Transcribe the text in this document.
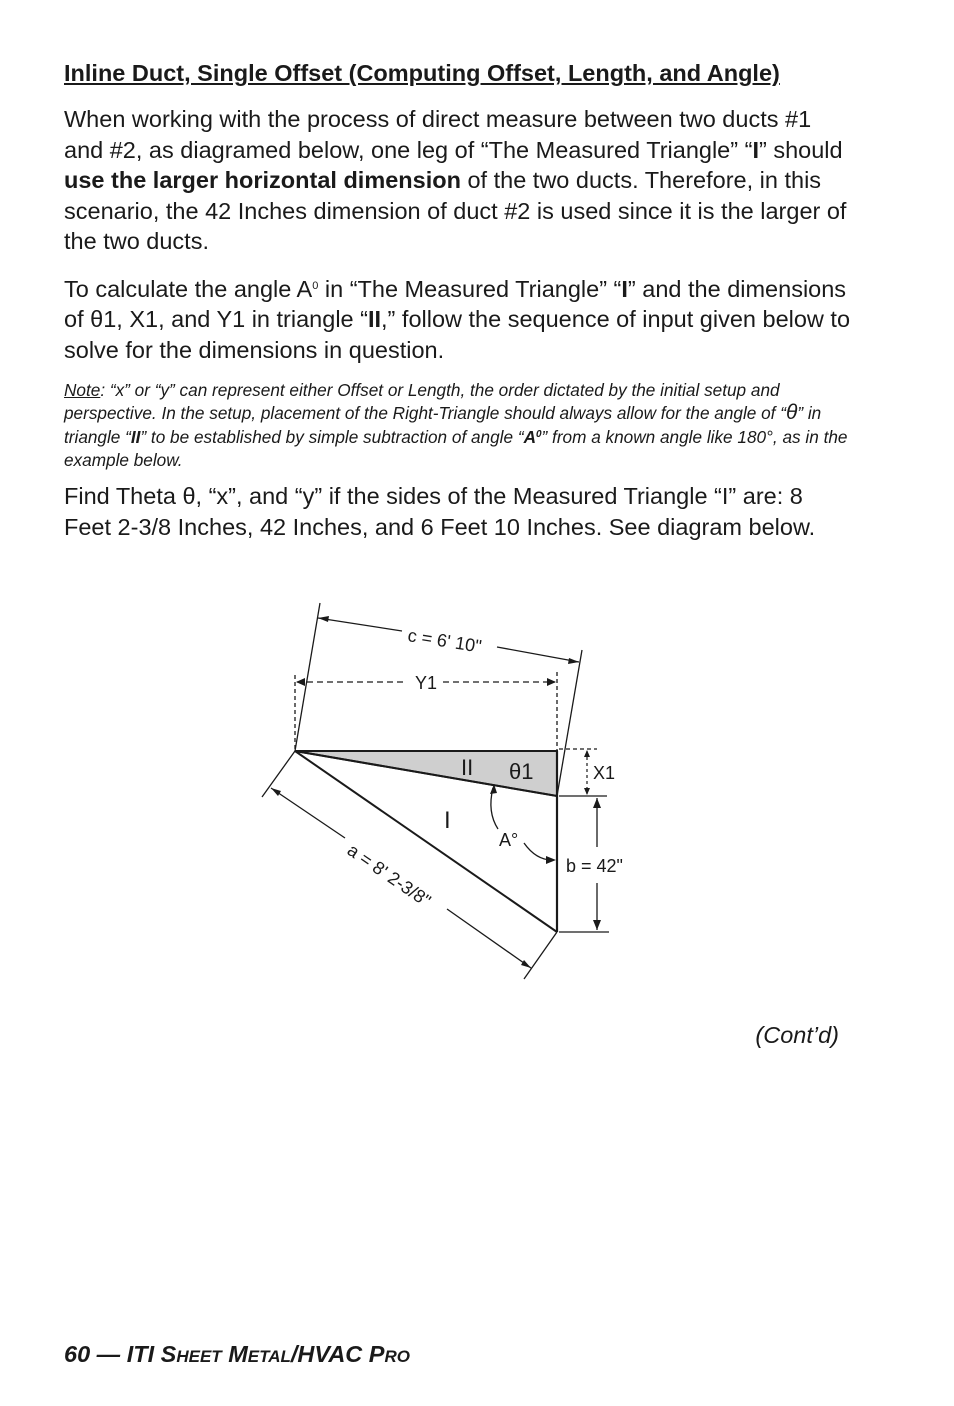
Inline Duct, Single Offset (Computing Offset, Length, and Angle)

When working with the process of direct measure between two ducts #1 and #2, as diagramed below, one leg of “The Measured Triangle” “I” should use the larger horizontal dimension of the two ducts. Therefore, in this scenario, the 42 Inches dimension of duct #2 is used since it is the larger of the two ducts.

To calculate the angle $A^0$ in “The Measured Triangle” “I” and the dimensions of θ1, X1, and Y1 in triangle “II,” follow the sequence of input given below to solve for the dimensions in question.

Note: “x” or “y” can represent either Offset or Length, the order dictated by the initial setup and perspective. In the setup, placement of the Right-Triangle should always allow for the angle of “θ” in triangle “II” to be established by simple subtraction of angle “$A^0$” from a known angle like 180°, as in the example below.

Find Theta θ, “x”, and “y” if the sides of the Measured Triangle “I” are: 8 Feet 2-3/8 Inches, 42 Inches, and 6 Feet 10 Inches. See diagram below.

c = 6' 10"
Y1
X1
b = 42"
a = 8' 2-3/8"
II θ1
I
A°
(Cont’d)
60 — ITI SHEET METAL/HVAC PRO
